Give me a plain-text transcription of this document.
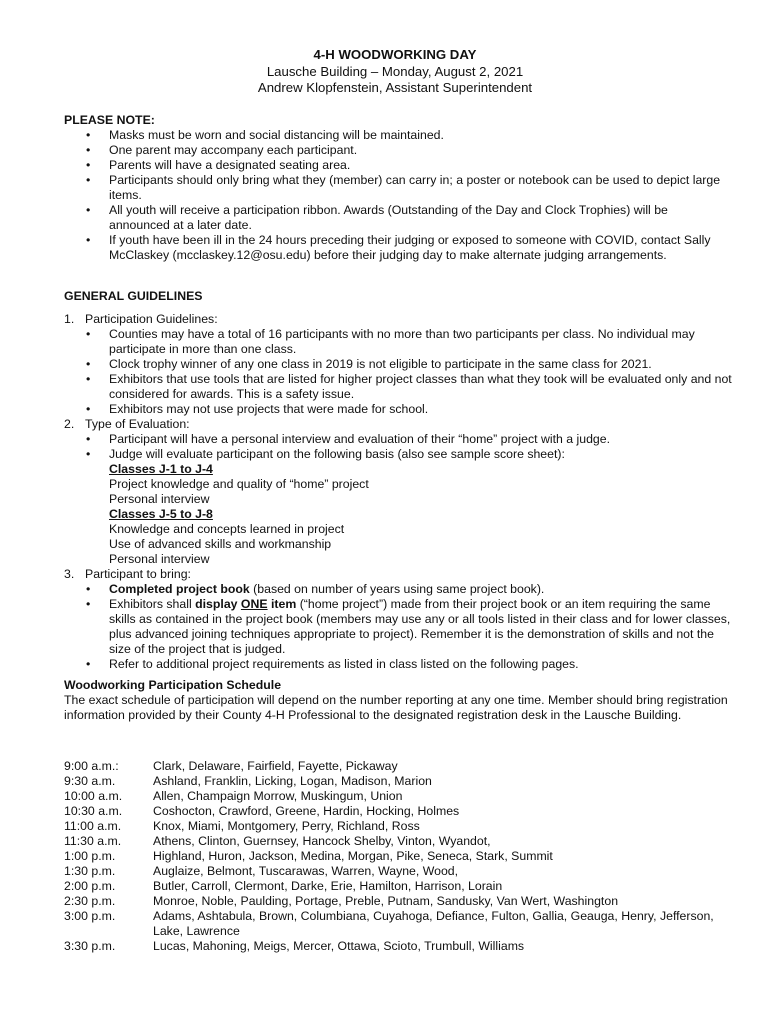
4-H WOODWORKING DAY
Lausche Building – Monday, August 2, 2021
Andrew Klopfenstein, Assistant Superintendent
PLEASE NOTE:
• Masks must be worn and social distancing will be maintained.
• One parent may accompany each participant.
• Parents will have a designated seating area.
• Participants should only bring what they (member) can carry in; a poster or notebook can be used to depict large items.
• All youth will receive a participation ribbon. Awards (Outstanding of the Day and Clock Trophies) will be announced at a later date.
• If youth have been ill in the 24 hours preceding their judging or exposed to someone with COVID, contact Sally McClaskey (mcclaskey.12@osu.edu) before their judging day to make alternate judging arrangements.
GENERAL GUIDELINES
1. Participation Guidelines:
• Counties may have a total of 16 participants with no more than two participants per class. No individual may participate in more than one class.
• Clock trophy winner of any one class in 2019 is not eligible to participate in the same class for 2021.
• Exhibitors that use tools that are listed for higher project classes than what they took will be evaluated only and not considered for awards. This is a safety issue.
• Exhibitors may not use projects that were made for school.
2. Type of Evaluation:
• Participant will have a personal interview and evaluation of their “home” project with a judge.
• Judge will evaluate participant on the following basis (also see sample score sheet):
Classes J-1 to J-4
Project knowledge and quality of “home” project
Personal interview
Classes J-5 to J-8
Knowledge and concepts learned in project
Use of advanced skills and workmanship
Personal interview
3. Participant to bring:
• Completed project book (based on number of years using same project book).
• Exhibitors shall display ONE item (“home project”) made from their project book or an item requiring the same skills as contained in the project book (members may use any or all tools listed in their class and for lower classes, plus advanced joining techniques appropriate to project). Remember it is the demonstration of skills and not the size of the project that is judged.
• Refer to additional project requirements as listed in class listed on the following pages.
Woodworking Participation Schedule
The exact schedule of participation will depend on the number reporting at any one time. Member should bring registration information provided by their County 4-H Professional to the designated registration desk in the Lausche Building.
9:00 a.m.:	Clark, Delaware, Fairfield, Fayette, Pickaway
9:30 a.m.	Ashland, Franklin, Licking, Logan, Madison, Marion
10:00 a.m.	Allen, Champaign Morrow, Muskingum, Union
10:30 a.m.	Coshocton, Crawford, Greene, Hardin, Hocking, Holmes
11:00 a.m.	Knox, Miami, Montgomery, Perry, Richland, Ross
11:30 a.m.	Athens, Clinton, Guernsey, Hancock Shelby, Vinton, Wyandot,
1:00 p.m.	Highland, Huron, Jackson, Medina, Morgan, Pike, Seneca, Stark, Summit
1:30 p.m.	Auglaize, Belmont, Tuscarawas, Warren, Wayne, Wood,
2:00 p.m.	Butler, Carroll, Clermont, Darke, Erie, Hamilton, Harrison, Lorain
2:30 p.m.	Monroe, Noble, Paulding, Portage, Preble, Putnam, Sandusky, Van Wert, Washington
3:00 p.m.	Adams, Ashtabula, Brown, Columbiana, Cuyahoga, Defiance, Fulton, Gallia, Geauga, Henry, Jefferson, Lake, Lawrence
3:30 p.m.	Lucas, Mahoning, Meigs, Mercer, Ottawa, Scioto, Trumbull, Williams
